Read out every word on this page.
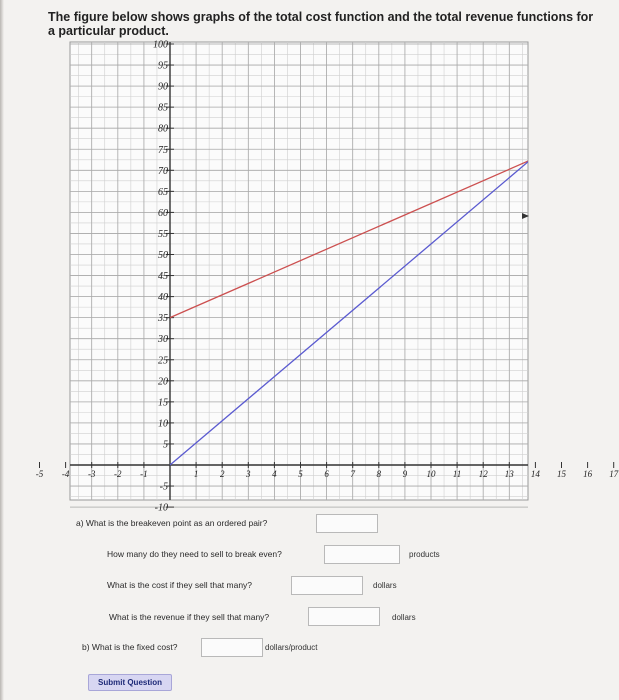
The figure below shows graphs of the total cost function and the total revenue functions for a particular product.
100
95
90
85
80
75
70
65
60
55
50
45
40
35
30
25
20
15
10
5
-5
-10
-5 -4 -3 -2 -1	1 2 3 4 5 6 7 8 9 10 11 12 13 14 15 16 17
a) What is the breakeven point as an ordered pair?
How many do they need to sell to break even?	products
What is the cost if they sell that many?	dollars
What is the revenue if they sell that many?	dollars
b) What is the fixed cost?	dollars/product
Submit Question
